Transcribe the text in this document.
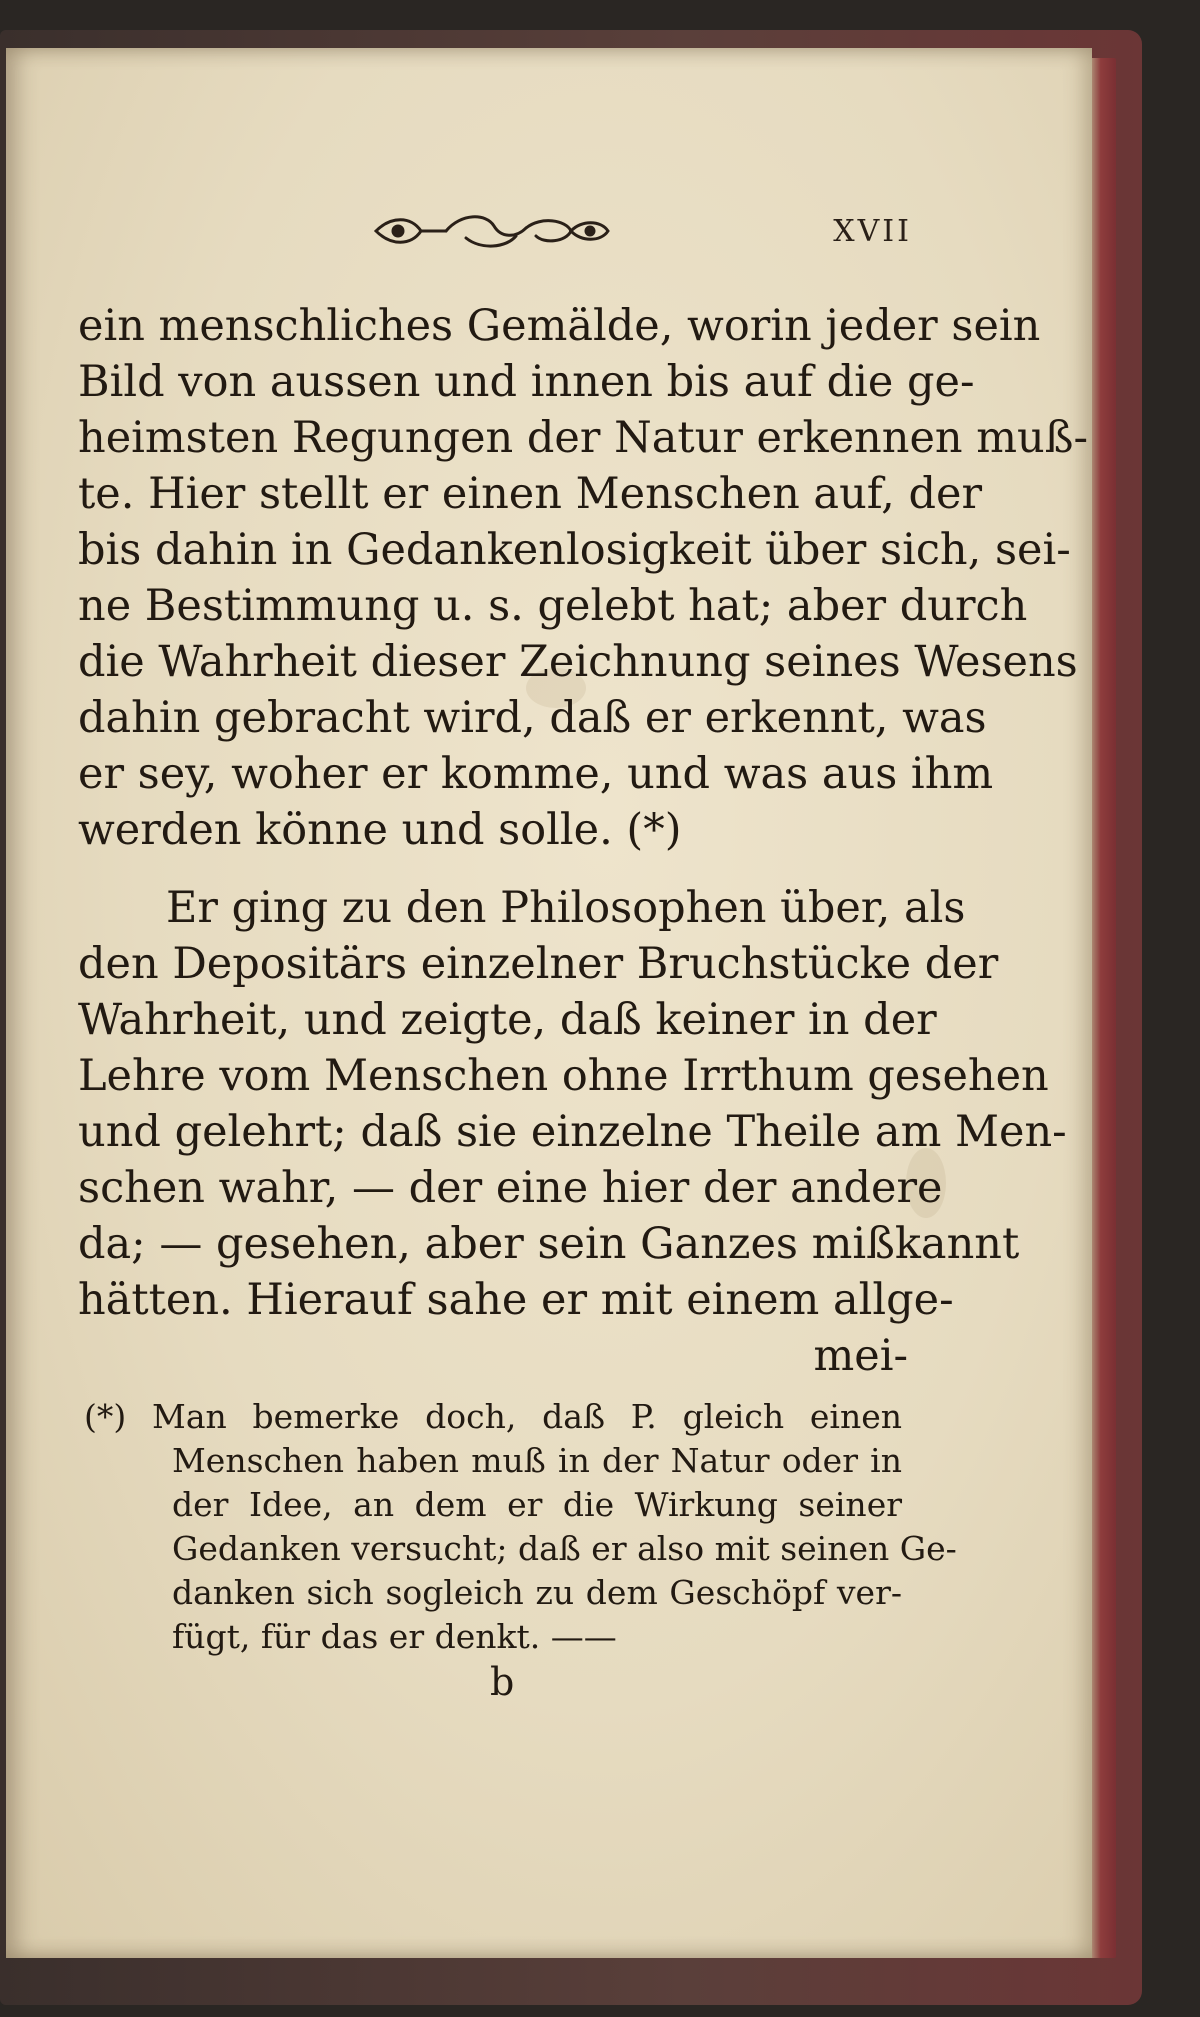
XVII
ein menschliches Gemälde, worin jeder sein
Bild von aussen und innen bis auf die ge-
heimsten Regungen der Natur erkennen muß-
te. Hier stellt er einen Menschen auf, der
bis dahin in Gedankenlosigkeit über sich, sei-
ne Bestimmung u. s. gelebt hat; aber durch
die Wahrheit dieser Zeichnung seines Wesens
dahin gebracht wird, daß er erkennt, was
er sey, woher er komme, und was aus ihm
werden könne und solle. (*)
Er ging zu den Philosophen über, als
den Depositärs einzelner Bruchstücke der
Wahrheit, und zeigte, daß keiner in der
Lehre vom Menschen ohne Irrthum gesehen
und gelehrt; daß sie einzelne Theile am Men-
schen wahr, — der eine hier der andere
da; — gesehen, aber sein Ganzes mißkannt
hätten. Hierauf sahe er mit einem allge-
mei-
(*) Man bemerke doch, daß P. gleich einen
Menschen haben muß in der Natur oder in
der Idee, an dem er die Wirkung seiner
Gedanken versucht; daß er also mit seinen Ge-
danken sich sogleich zu dem Geschöpf ver-
fügt, für das er denkt. ——
b
